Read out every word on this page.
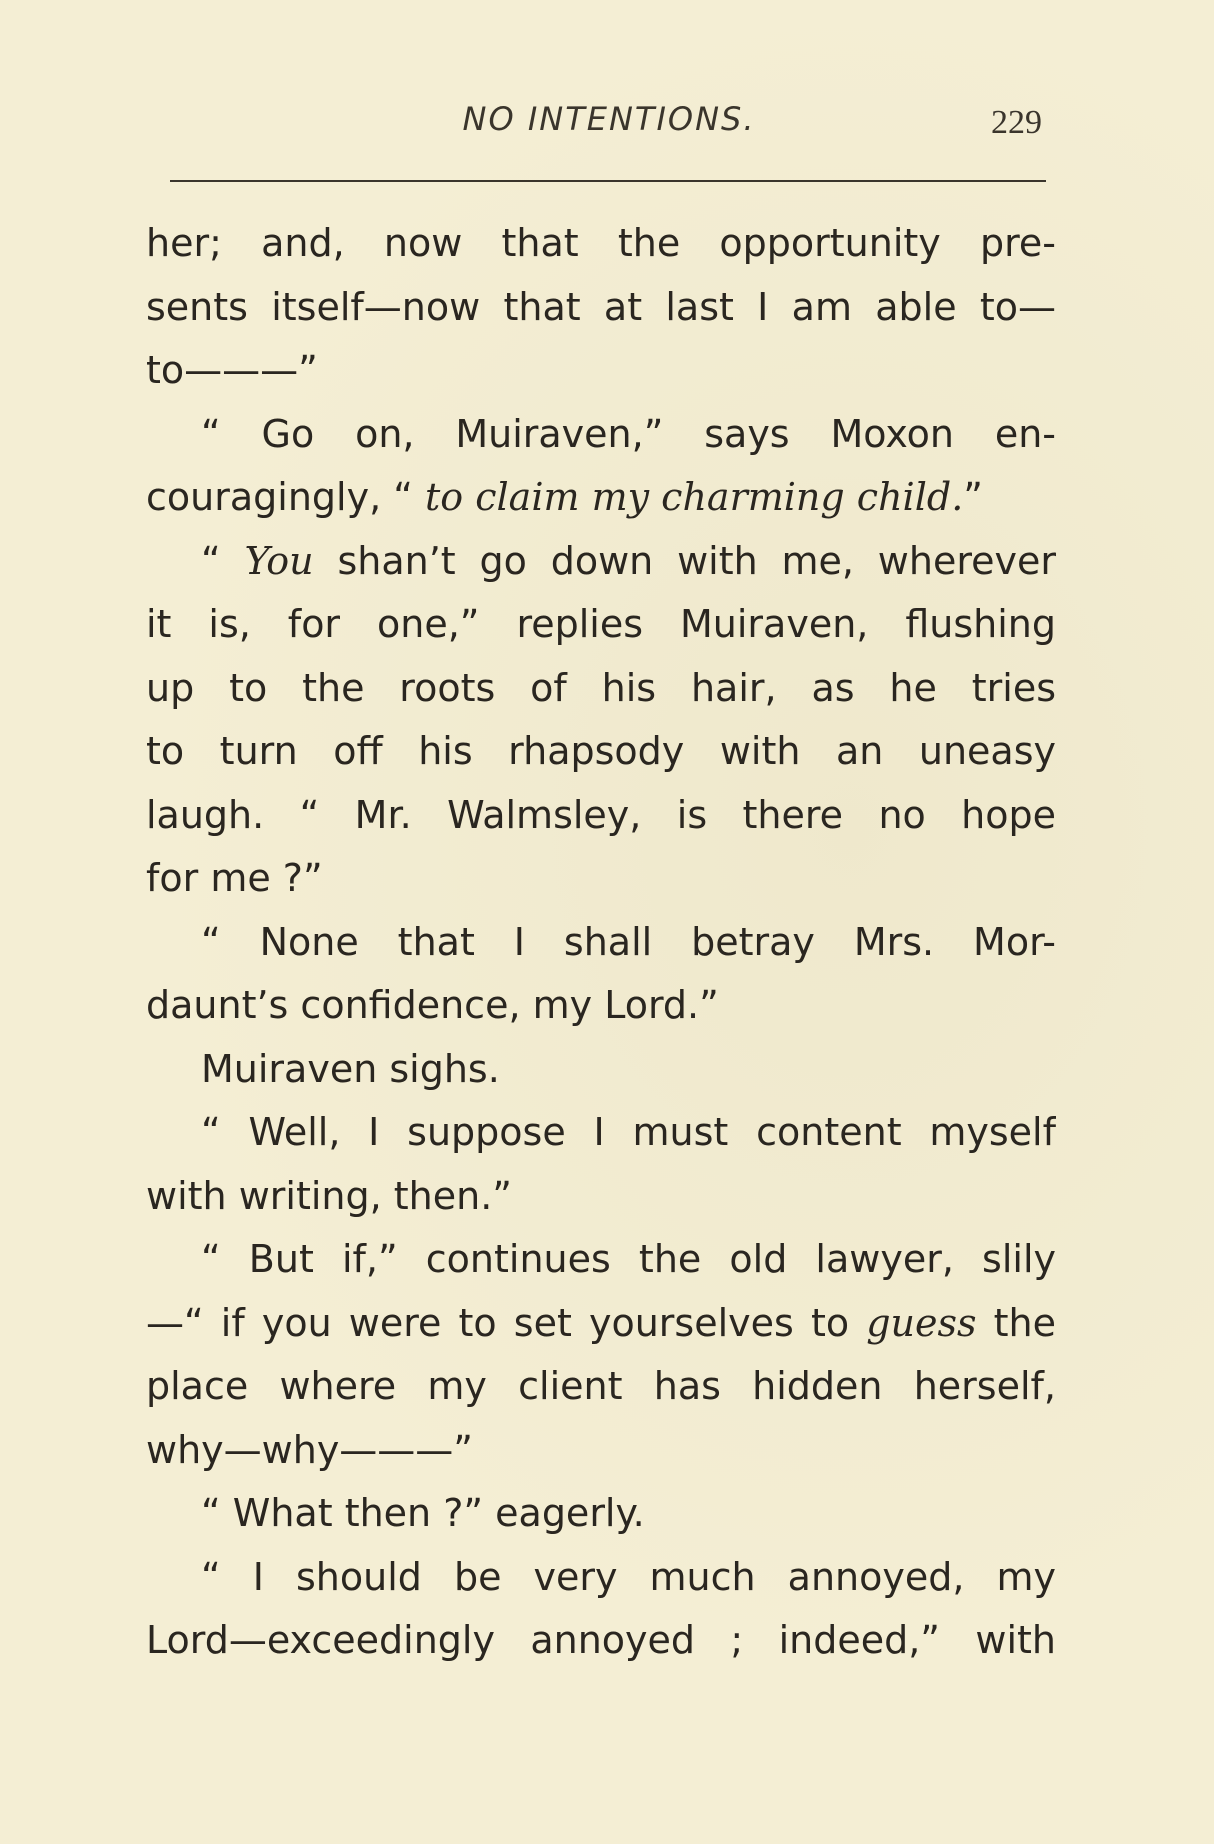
NO INTENTIONS.	229
her; and, now that the opportunity pre-
sents itself—now that at last I am able to—
to———”
“ Go on, Muiraven,” says Moxon en-
couragingly, “ to claim my charming child.”
“ You shan’t go down with me, wherever
it is, for one,” replies Muiraven, flushing
up to the roots of his hair, as he tries
to turn off his rhapsody with an uneasy
laugh. “ Mr. Walmsley, is there no hope
for me ?”
“ None that I shall betray Mrs. Mor-
daunt’s confidence, my Lord.”
Muiraven sighs.
“ Well, I suppose I must content myself
with writing, then.”
“ But if,” continues the old lawyer, slily
—“ if you were to set yourselves to guess the
place where my client has hidden herself,
why—why———”
“ What then ?” eagerly.
“ I should be very much annoyed, my
Lord—exceedingly annoyed ; indeed,” with
